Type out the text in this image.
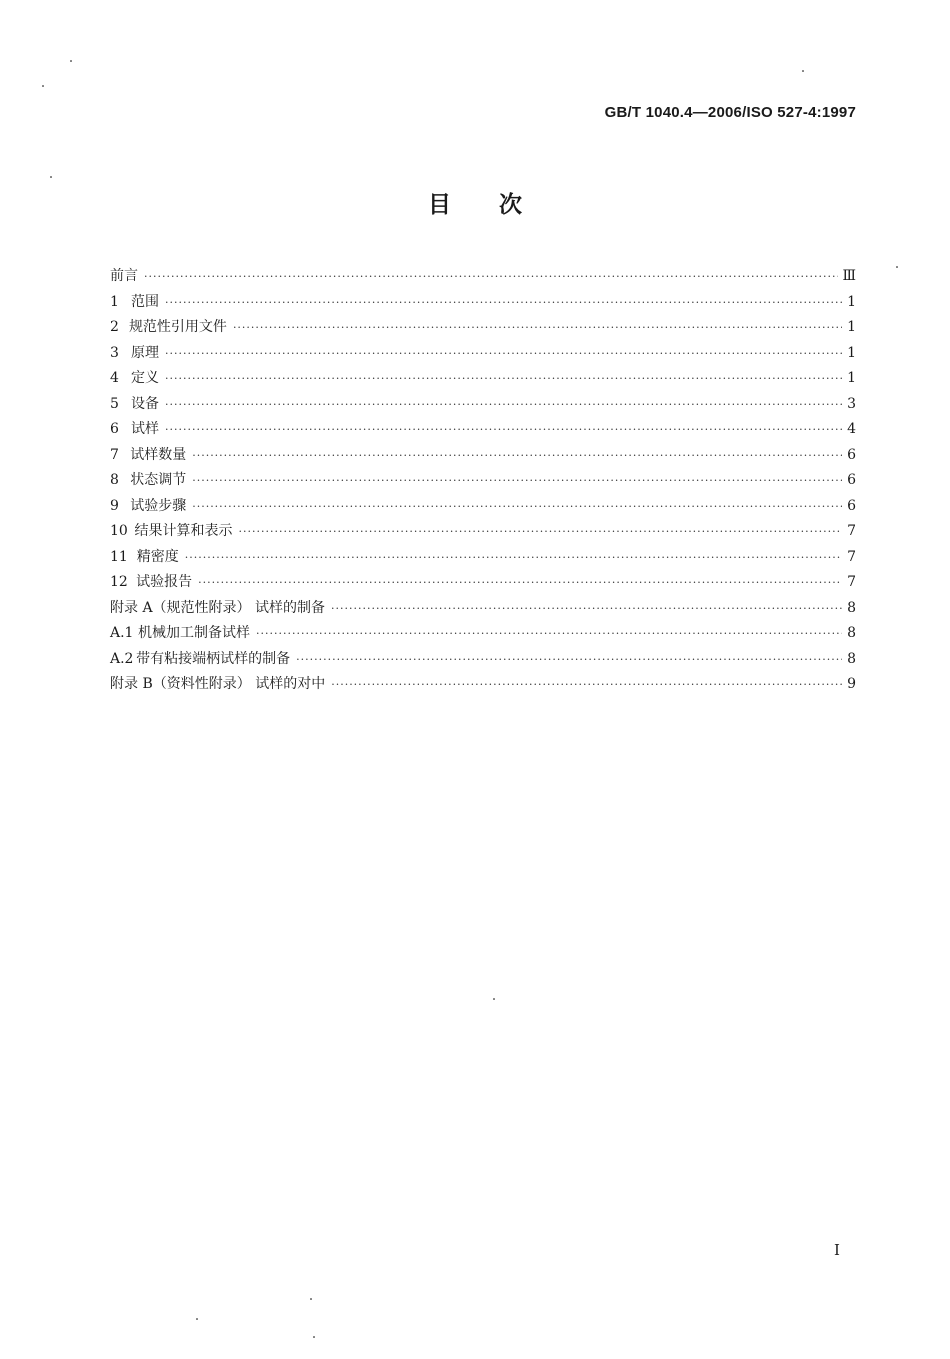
GB/T 1040.4—2006/ISO 527-4:1997
目次
前言 ·····	Ⅲ
1 范围 ·····	1
2 规范性引用文件 ·····	1
3 原理 ·····	1
4 定义 ·····	1
5 设备 ·····	3
6 试样 ·····	4
7 试样数量 ·····	6
8 状态调节 ·····	6
9 试验步骤 ·····	6
10 结果计算和表示 ·····	7
11 精密度 ·····	7
12 试验报告 ·····	7
附录 A（规范性附录） 试样的制备 ·····	8
A.1 机械加工制备试样 ·····	8
A.2 带有粘接端柄试样的制备 ·····	8
附录 B（资料性附录） 试样的对中 ·····	9
I
